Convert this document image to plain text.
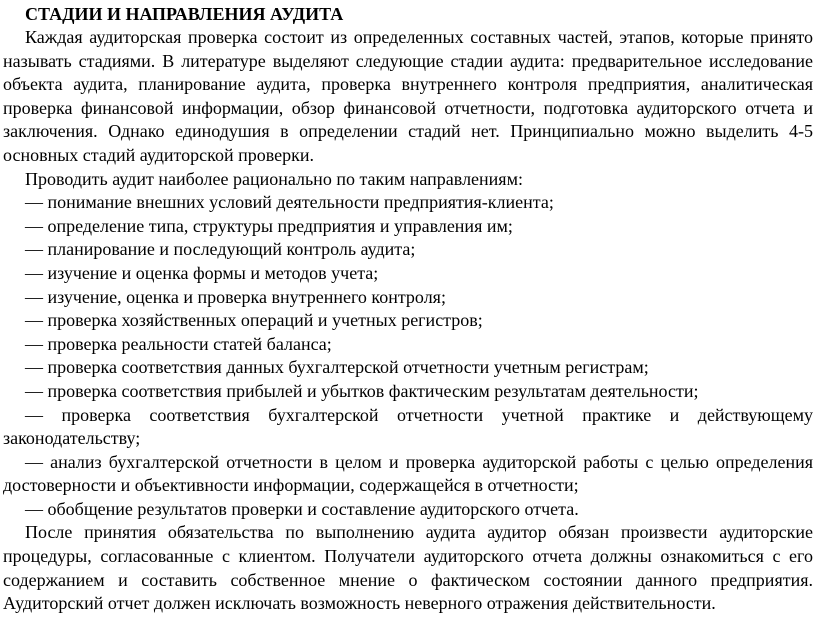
СТАДИИ И НАПРАВЛЕНИЯ АУДИТА

Каждая аудиторская проверка состоит из определенных составных частей, этапов, которые принято называть стадиями. В литературе выделяют следующие стадии аудита: предварительное исследование объекта аудита, планирование аудита, проверка внутреннего контроля предприятия, аналитическая проверка финансовой информации, обзор финансовой отчетности, подготовка аудиторского отчета и заключения. Однако единодушия в определении стадий нет. Принципиально можно выделить 4-5 основных стадий аудиторской проверки.

Проводить аудит наиболее рационально по таким направлениям:

— понимание внешних условий деятельности предприятия-клиента;
— определение типа, структуры предприятия и управления им;
— планирование и последующий контроль аудита;
— изучение и оценка формы и методов учета;
— изучение, оценка и проверка внутреннего контроля;
— проверка хозяйственных операций и учетных регистров;
— проверка реальности статей баланса;
— проверка соответствия данных бухгалтерской отчетности учетным регистрам;
— проверка соответствия прибылей и убытков фактическим результатам деятельности;
— проверка соответствия бухгалтерской отчетности учетной практике и действующему законодательству;
— анализ бухгалтерской отчетности в целом и проверка аудиторской работы с целью определения достоверности и объективности информации, содержащейся в отчетности;
— обобщение результатов проверки и составление аудиторского отчета.

После принятия обязательства по выполнению аудита аудитор обязан произвести аудиторские процедуры, согласованные с клиентом. Получатели аудиторского отчета должны ознакомиться с его содержанием и составить собственное мнение о фактическом состоянии данного предприятия. Аудиторский отчет должен исключать возможность неверного отражения действительности.
